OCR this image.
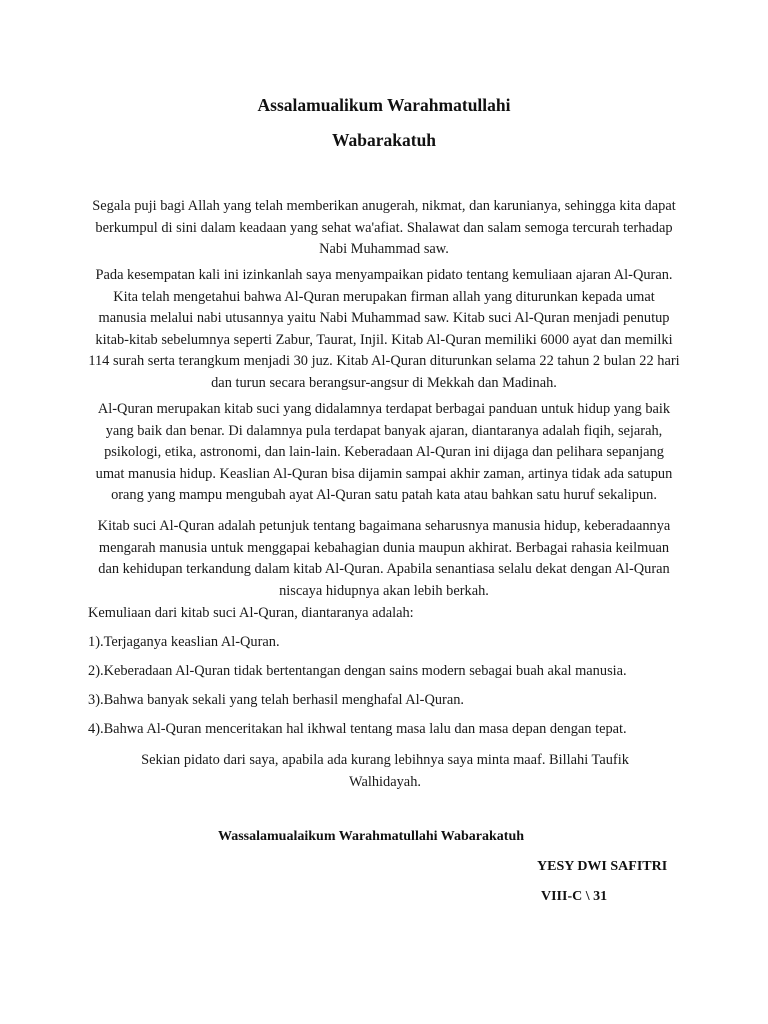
Assalamualikum Warahmatullahi
Wabarakatuh

Segala puji bagi Allah yang telah memberikan anugerah, nikmat, dan karunianya, sehingga kita dapat berkumpul di sini dalam keadaan yang sehat wa'afiat. Shalawat dan salam semoga tercurah terhadap Nabi Muhammad saw.

Pada kesempatan kali ini izinkanlah saya menyampaikan pidato tentang kemuliaan ajaran Al-Quran. Kita telah mengetahui bahwa Al-Quran merupakan firman allah yang diturunkan kepada umat manusia melalui nabi utusannya yaitu Nabi Muhammad saw. Kitab suci Al-Quran menjadi penutup kitab-kitab sebelumnya seperti Zabur, Taurat, Injil. Kitab Al-Quran memiliki 6000 ayat dan memilki 114 surah serta terangkum menjadi 30 juz. Kitab Al-Quran diturunkan selama 22 tahun 2 bulan 22 hari dan turun secara berangsur-angsur di Mekkah dan Madinah.

Al-Quran merupakan kitab suci yang didalamnya terdapat berbagai panduan untuk hidup yang baik yang baik dan benar. Di dalamnya pula terdapat banyak ajaran, diantaranya adalah fiqih, sejarah, psikologi, etika, astronomi, dan lain-lain. Keberadaan Al-Quran ini dijaga dan pelihara sepanjang umat manusia hidup. Keaslian Al-Quran bisa dijamin sampai akhir zaman, artinya tidak ada satupun orang yang mampu mengubah ayat Al-Quran satu patah kata atau bahkan satu huruf sekalipun.

Kitab suci Al-Quran adalah petunjuk tentang bagaimana seharusnya manusia hidup, keberadaannya mengarah manusia untuk menggapai kebahagian dunia maupun akhirat. Berbagai rahasia keilmuan dan kehidupan terkandung dalam kitab Al-Quran. Apabila senantiasa selalu dekat dengan Al-Quran niscaya hidupnya akan lebih berkah.

Kemuliaan dari kitab suci Al-Quran, diantaranya adalah:
1).Terjaganya keaslian Al-Quran.
2).Keberadaan Al-Quran tidak bertentangan dengan sains modern sebagai buah akal manusia.
3).Bahwa banyak sekali yang telah berhasil menghafal Al-Quran.
4).Bahwa Al-Quran menceritakan hal ikhwal tentang masa lalu dan masa depan dengan tepat.

Sekian pidato dari saya, apabila ada kurang lebihnya saya minta maaf. Billahi Taufik Walhidayah.

Wassalamualaikum Warahmatullahi Wabarakatuh
YESY DWI SAFITRI
VIII-C \ 31
